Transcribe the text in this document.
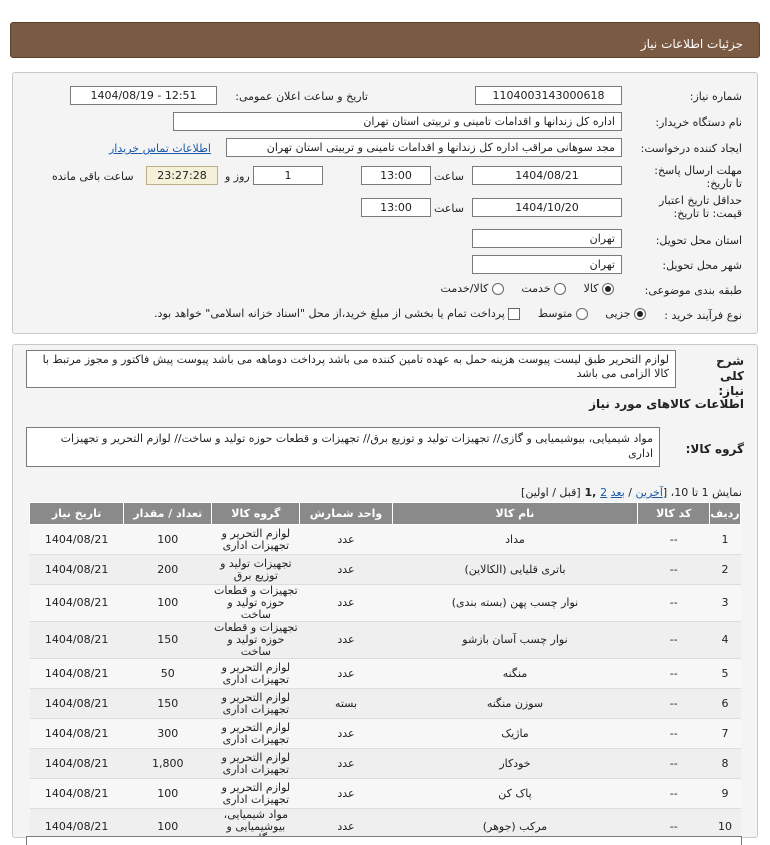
جزئیات اطلاعات نیاز
شماره نیاز:
1104003143000618
تاریخ و ساعت اعلان عمومی:
1404/08/19 - 12:51
نام دستگاه خریدار:
اداره کل زندانها و اقدامات تامینی و تربیتی استان تهران
ایجاد کننده درخواست:
مجد سوهانی مراقب اداره کل زندانها و اقدامات تامینی و تربیتی استان تهران
اطلاعات تماس خریدار
مهلت ارسال پاسخ: تا تاریخ:
1404/08/21
ساعت
13:00
1
روز و
23:27:28
ساعت باقی مانده
حداقل تاریخ اعتبار قیمت: تا تاریخ:
1404/10/20
ساعت
13:00
استان محل تحویل:
تهران
شهر محل تحویل:
تهران
طبقه بندی موضوعی:
کالا      خدمت      کالا/خدمت
نوع فرآیند خرید :
جزیی      متوسط      پرداخت تمام یا بخشی از مبلغ خرید،از محل "اسناد خزانه اسلامی" خواهد بود.
شرح کلی نیاز:
لوازم التحریر طبق لیست پیوست هزینه حمل به عهده تامین کننده می باشد پرداخت دوماهه می باشد پیوست پیش فاکتور و مجوز مرتبط با کالا الزامی می باشد
اطلاعات کالاهای مورد نیاز
گروه کالا:
مواد شیمیایی، بیوشیمیایی و گازی// تجهیزات تولید و توزیع برق// تجهیزات و قطعات حوزه تولید و ساخت// لوازم التحریر و تجهیزات اداری
نمایش 1 تا 10، [آخرین / بعد 2 ,1 [قبل / اولین]
ردیف	کد کالا	نام کالا	واحد شمارش	گروه کالا	تعداد / مقدار	تاریخ نیاز
1	--	مداد	عدد	لوازم التحریر و تجهیزات اداری	100	1404/08/21
2	--	باتری قلیایی (الکالاین)	عدد	تجهیزات تولید و توزیع برق	200	1404/08/21
3	--	نوار چسب پهن (بسته بندی)	عدد	تجهیزات و قطعات حوزه تولید و ساخت	100	1404/08/21
4	--	نوار چسب آسان بازشو	عدد	تجهیزات و قطعات حوزه تولید و ساخت	150	1404/08/21
5	--	منگنه	عدد	لوازم التحریر و تجهیزات اداری	50	1404/08/21
6	--	سوزن منگنه	بسته	لوازم التحریر و تجهیزات اداری	150	1404/08/21
7	--	ماژیک	عدد	لوازم التحریر و تجهیزات اداری	300	1404/08/21
8	--	خودکار	عدد	لوازم التحریر و تجهیزات اداری	1,800	1404/08/21
9	--	پاک کن	عدد	لوازم التحریر و تجهیزات اداری	100	1404/08/21
10	--	مرکب (جوهر)	عدد	مواد شیمیایی، بیوشیمیایی و	100	1404/08/21
